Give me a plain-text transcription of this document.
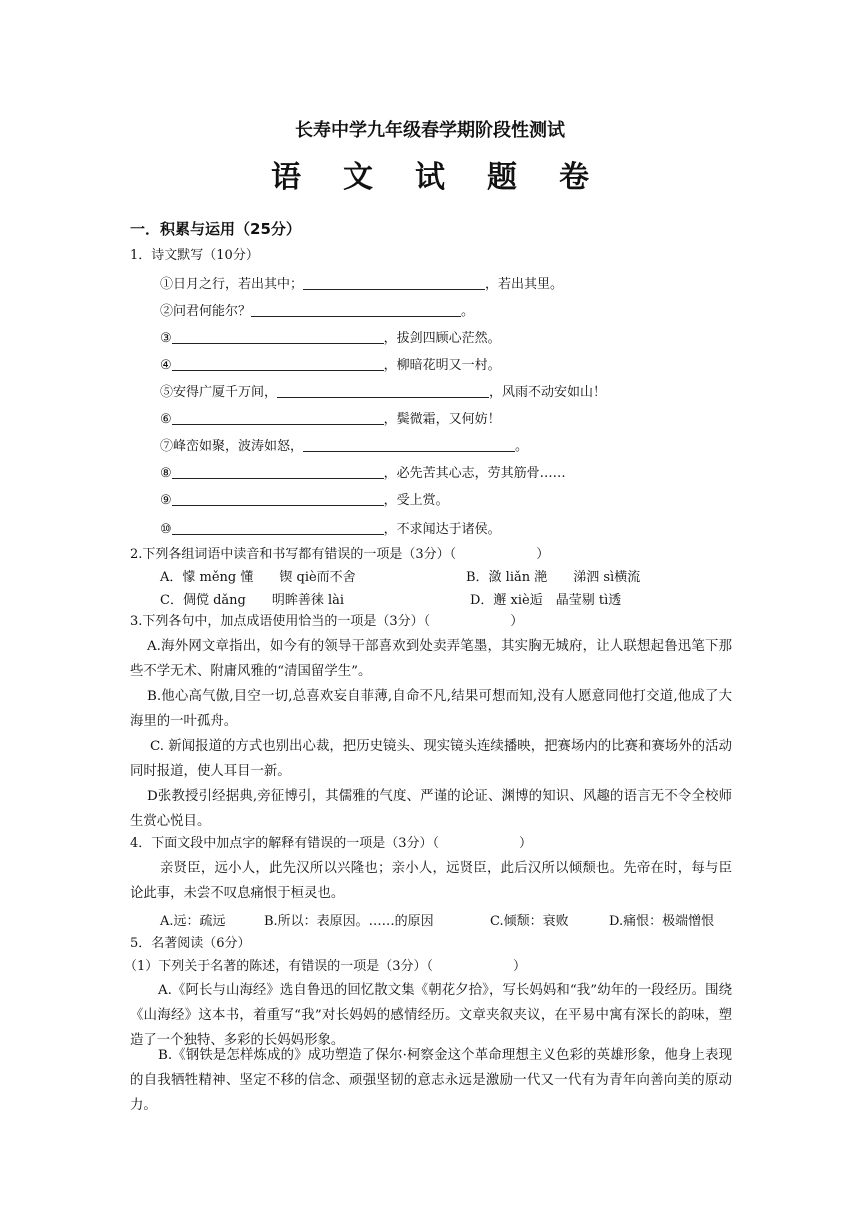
长寿中学九年级春学期阶段性测试
语文试题卷
一．积累与运用（25分）
1．诗文默写（10分）
①日月之行，若出其中；	，若出其里。
②问君何能尔？	。
③	，拔剑四顾心茫然。
④	，柳暗花明又一村。
⑤安得广厦千万间，	，风雨不动安如山！
⑥	，鬓微霜，又何妨！
⑦峰峦如聚，波涛如怒，	。
⑧	，必先苦其心志，劳其筋骨……
⑨	，受上赏。
⑩	，不求闻达于诸侯。
2.下列各组词语中读音和书写都有错误的一项是（3分）（	）
A．懞 měng 懂　　锲 qiè而不舍	B．潋 liǎn 滟　　涕泗 sì横流
C．倜傥 dǎng　　明眸善徕 lài	D．邂 xiè逅　晶莹剔 tì透
3.下列各句中，加点成语使用恰当的一项是（3分）（	）
A.海外网文章指出，如今有的领导干部喜欢到处卖弄笔墨，其实胸无城府，让人联想起鲁迅笔下那些不学无术、附庸风雅的“清国留学生”。
B.他心高气傲,目空一切,总喜欢妄自菲薄,自命不凡,结果可想而知,没有人愿意同他打交道,他成了大海里的一叶孤舟。
C. 新闻报道的方式也别出心裁，把历史镜头、现实镜头连续播映，把赛场内的比赛和赛场外的活动同时报道，使人耳目一新。
D张教授引经据典,旁征博引，其儒雅的气度、严谨的论证、渊博的知识、风趣的语言无不令全校师生赏心悦目。
4．下面文段中加点字的解释有错误的一项是（3分）（	）
亲贤臣，远小人，此先汉所以兴隆也；亲小人，远贤臣，此后汉所以倾颓也。先帝在时，每与臣论此事，未尝不叹息痛恨于桓灵也。
A.远：疏远	B.所以：表原因。……的原因	C.倾颓：衰败	D.痛恨：极端憎恨
5．名著阅读（6分）
（1）下列关于名著的陈述，有错误的一项是（3分）（	）
A.《阿长与山海经》选自鲁迅的回忆散文集《朝花夕拾》，写长妈妈和“我”幼年的一段经历。围绕《山海经》这本书，着重写“我”对长妈妈的感情经历。文章夹叙夹议，在平易中寓有深长的韵味，塑造了一个独特、多彩的长妈妈形象。
B.《钢铁是怎样炼成的》成功塑造了保尔·柯察金这个革命理想主义色彩的英雄形象，他身上表现的自我牺牲精神、坚定不移的信念、顽强坚韧的意志永远是激励一代又一代有为青年向善向美的原动力。
